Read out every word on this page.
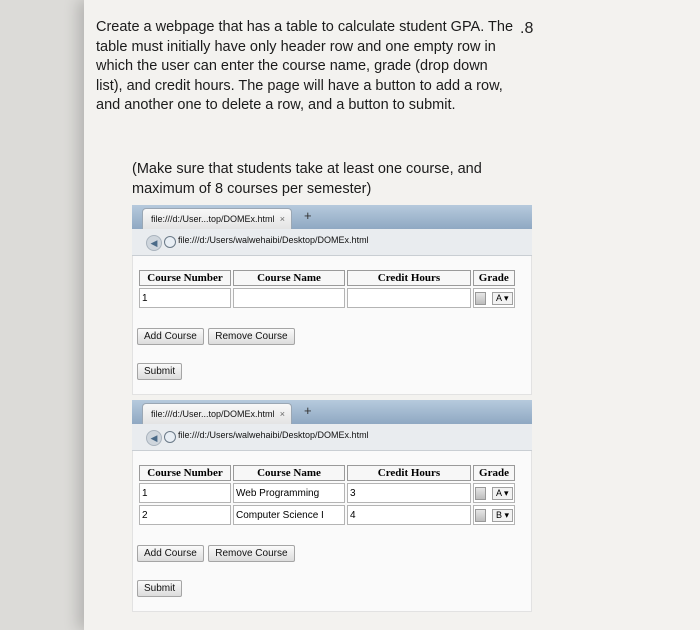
.8
Create a webpage that has a table to calculate student GPA. The table must initially have only header row and one empty row in which the user can enter the course name, grade (drop down list), and credit hours. The page will have a button to add a row, and another one to delete a row, and a button to submit.
(Make sure that students take at least one course, and maximum of 8 courses per semester)
file:///d:/User...top/DOMEx.html × +
◀	file:///d:/Users/walwehaibi/Desktop/DOMEx.html
Course Number	Course Name	Credit Hours	Grade
1			A ▾
Add Course Remove Course
Submit
file:///d:/User...top/DOMEx.html × +
◀	file:///d:/Users/walwehaibi/Desktop/DOMEx.html
Course Number	Course Name	Credit Hours	Grade
1	Web Programming	3	A ▾
2	Computer Science I	4	B ▾
Add Course Remove Course
Submit
